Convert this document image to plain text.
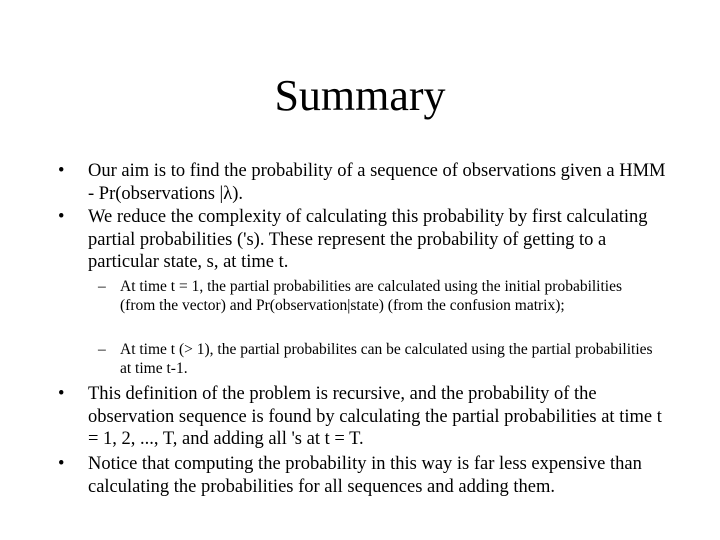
Summary
•	Our aim is to find the probability of a sequence of observations given a HMM - Pr(observations |λ).
•	We reduce the complexity of calculating this probability by first calculating partial probabilities ('s). These represent the probability of getting to a particular state, s, at time t.
– At time t = 1, the partial probabilities are calculated using the initial probabilities (from the vector) and Pr(observation|state) (from the confusion matrix);
– At time t (> 1), the partial probabilites can be calculated using the partial probabilities at time t-1.
•	This definition of the problem is recursive, and the probability of the observation sequence is found by calculating the partial probabilities at time t = 1, 2, ..., T, and adding all 's at t = T.
•	Notice that computing the probability in this way is far less expensive than calculating the probabilities for all sequences and adding them.
